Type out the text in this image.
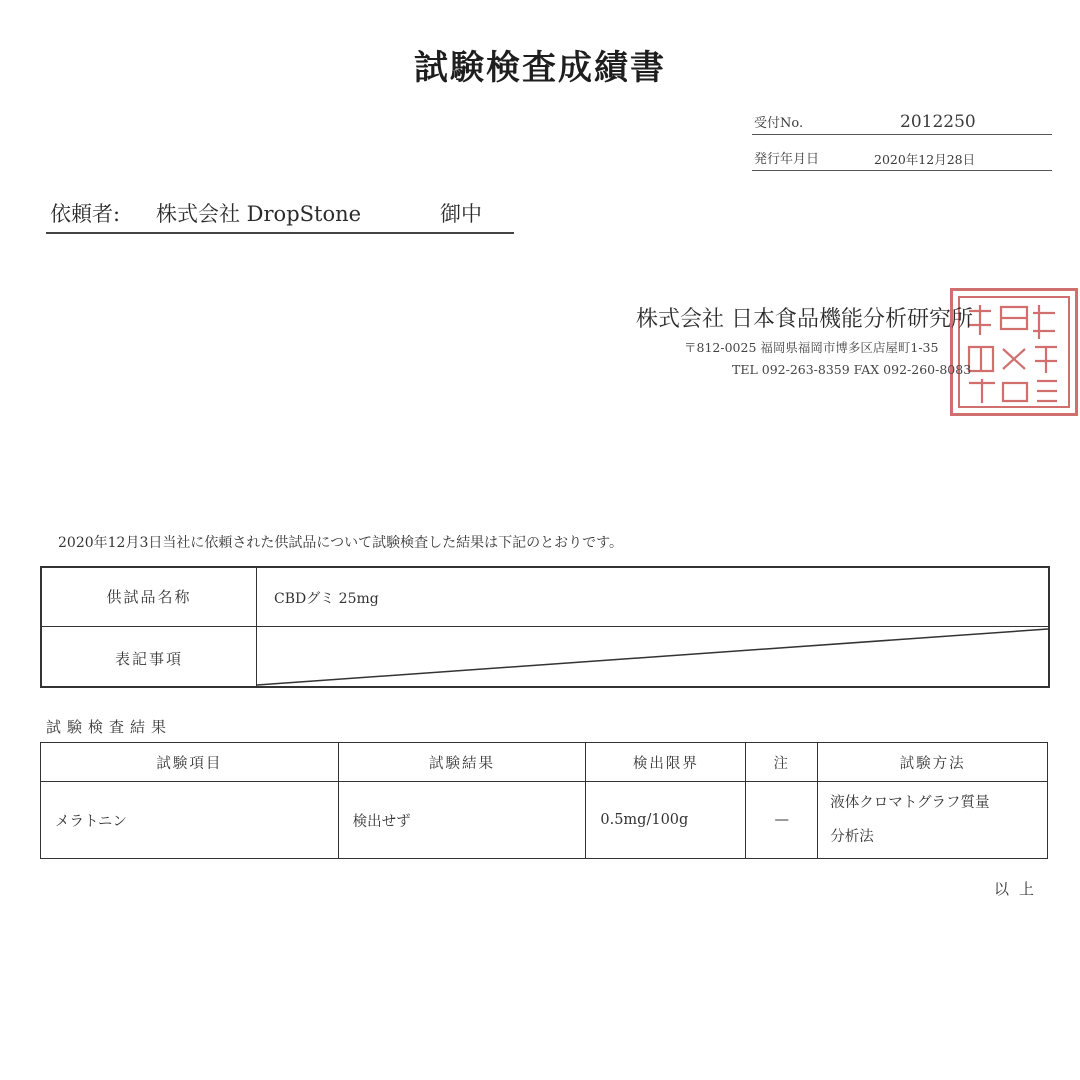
試験検査成績書
受付No.	2012250
発行年月日	2020年12月28日
依頼者: 株式会社 DropStone	御中
株式会社 日本食品機能分析研究所
〒812-0025 福岡県福岡市博多区店屋町1-35
TEL 092-263-8359 FAX 092-260-8083
2020年12月3日当社に依頼された供試品について試験検査した結果は下記のとおりです。
供試品名称	CBDグミ 25mg
表記事項
試験検査結果
試験項目	試験結果	検出限界	注	試験方法
メラトニン	検出せず	0.5mg/100g	—	液体クロマトグラフ質量
分析法
以上
